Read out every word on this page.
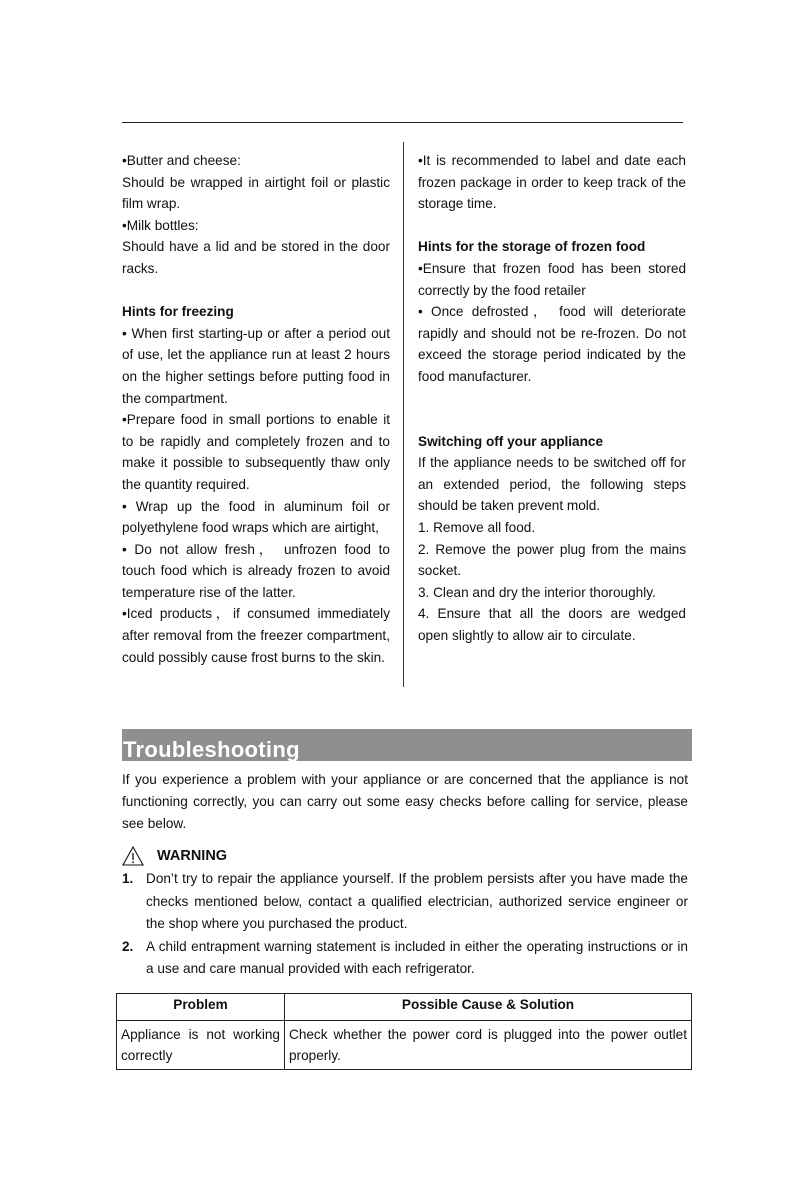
•Butter and cheese:

Should be wrapped in airtight foil or plastic film wrap.

•Milk bottles:

Should have a lid and be stored in the door racks.

Hints for freezing

• When first starting-up or after a period out of use, let the appliance run at least 2 hours on the higher settings before putting food in the compartment.

•Prepare food in small portions to enable it to be rapidly and completely frozen and to make it possible to subsequently thaw only the quantity required.

• Wrap up the food in aluminum foil or polyethylene food wraps which are airtight,

• Do not allow fresh， unfrozen food to touch food which is already frozen to avoid temperature rise of the latter.

•Iced products，if consumed immediately after removal from the freezer compartment, could possibly cause frost burns to the skin.

•It is recommended to label and date each frozen package in order to keep track of the storage time.

Hints for the storage of frozen food

•Ensure that frozen food has been stored correctly by the food retailer

• Once defrosted， food will deteriorate rapidly and should not be re-frozen. Do not exceed the storage period indicated by the food manufacturer.

Switching off your appliance

If the appliance needs to be switched off for an extended period, the following steps should be taken prevent mold.

1. Remove all food.

2. Remove the power plug from the mains socket.

3. Clean and dry the interior thoroughly.

4. Ensure that all the doors are wedged open slightly to allow air to circulate.

Troubleshooting

If you experience a problem with your appliance or are concerned that the appliance is not functioning correctly, you can carry out some easy checks before calling for service, please see below.

WARNING
1. Don’t try to repair the appliance yourself. If the problem persists after you have made the checks mentioned below, contact a qualified electrician, authorized service engineer or the shop where you purchased the product.
2. A child entrapment warning statement is included in either the operating instructions or in a use and care manual provided with each refrigerator.
Problem	Possible Cause & Solution
Appliance is not working correctly	Check whether the power cord is plugged into the power outlet properly.
